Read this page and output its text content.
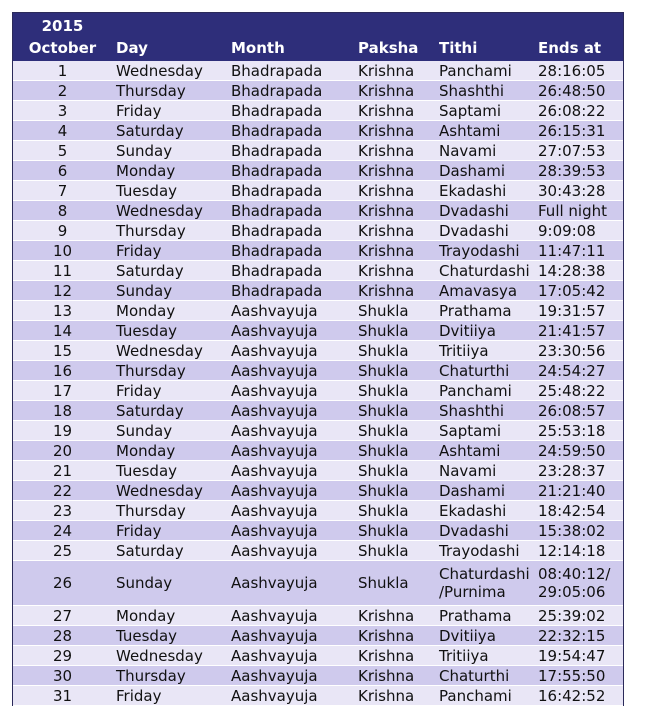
2015					
October	Day	Month	Paksha	Tithi	Ends at
1	Wednesday	Bhadrapada	Krishna	Panchami	28:16:05
2	Thursday	Bhadrapada	Krishna	Shashthi	26:48:50
3	Friday	Bhadrapada	Krishna	Saptami	26:08:22
4	Saturday	Bhadrapada	Krishna	Ashtami	26:15:31
5	Sunday	Bhadrapada	Krishna	Navami	27:07:53
6	Monday	Bhadrapada	Krishna	Dashami	28:39:53
7	Tuesday	Bhadrapada	Krishna	Ekadashi	30:43:28
8	Wednesday	Bhadrapada	Krishna	Dvadashi	Full night
9	Thursday	Bhadrapada	Krishna	Dvadashi	9:09:08
10	Friday	Bhadrapada	Krishna	Trayodashi	11:47:11
11	Saturday	Bhadrapada	Krishna	Chaturdashi	14:28:38
12	Sunday	Bhadrapada	Krishna	Amavasya	17:05:42
13	Monday	Aashvayuja	Shukla	Prathama	19:31:57
14	Tuesday	Aashvayuja	Shukla	Dvitiiya	21:41:57
15	Wednesday	Aashvayuja	Shukla	Tritiiya	23:30:56
16	Thursday	Aashvayuja	Shukla	Chaturthi	24:54:27
17	Friday	Aashvayuja	Shukla	Panchami	25:48:22
18	Saturday	Aashvayuja	Shukla	Shashthi	26:08:57
19	Sunday	Aashvayuja	Shukla	Saptami	25:53:18
20	Monday	Aashvayuja	Shukla	Ashtami	24:59:50
21	Tuesday	Aashvayuja	Shukla	Navami	23:28:37
22	Wednesday	Aashvayuja	Shukla	Dashami	21:21:40
23	Thursday	Aashvayuja	Shukla	Ekadashi	18:42:54
24	Friday	Aashvayuja	Shukla	Dvadashi	15:38:02
25	Saturday	Aashvayuja	Shukla	Trayodashi	12:14:18
26	Sunday	Aashvayuja	Shukla	Chaturdashi /Purnima	08:40:12/ 29:05:06
27	Monday	Aashvayuja	Krishna	Prathama	25:39:02
28	Tuesday	Aashvayuja	Krishna	Dvitiiya	22:32:15
29	Wednesday	Aashvayuja	Krishna	Tritiiya	19:54:47
30	Thursday	Aashvayuja	Krishna	Chaturthi	17:55:50
31	Friday	Aashvayuja	Krishna	Panchami	16:42:52
